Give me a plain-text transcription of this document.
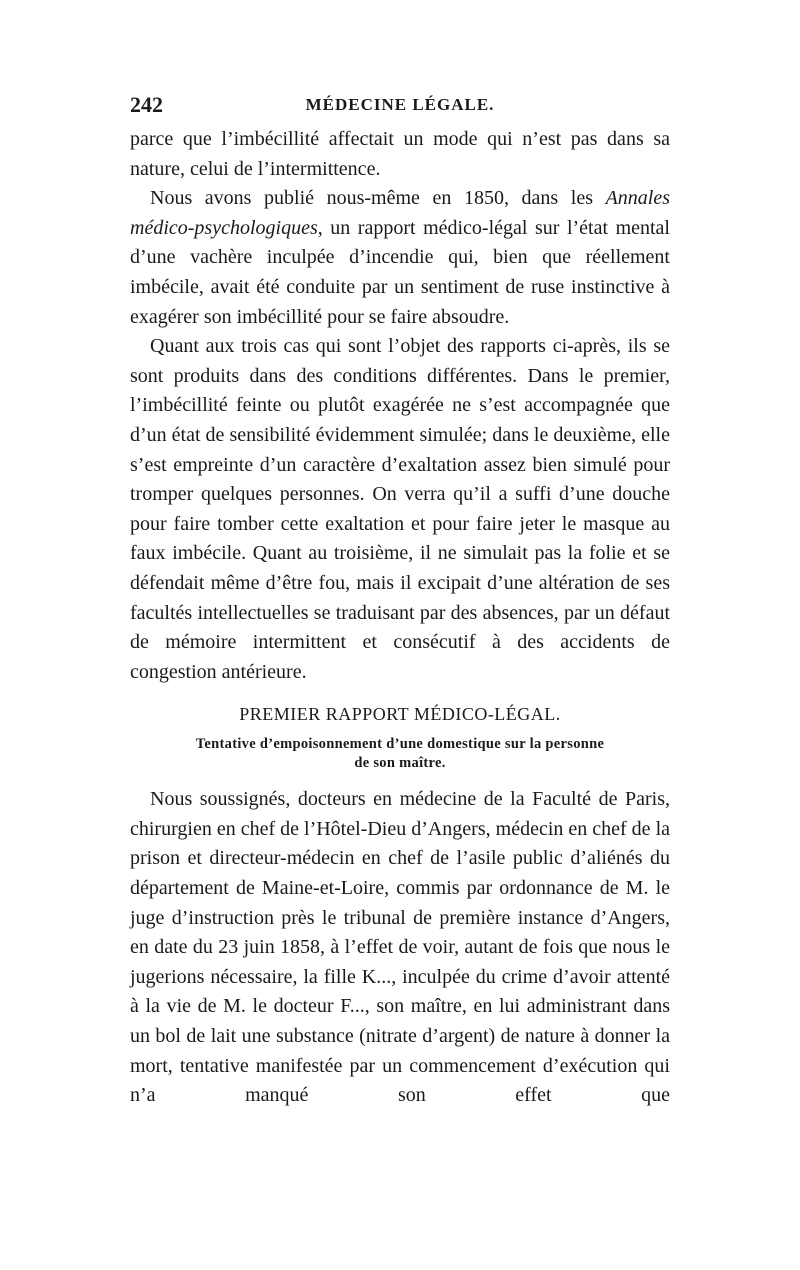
242	MÉDECINE LÉGALE.

parce que l’imbécillité affectait un mode qui n’est pas dans sa nature, celui de l’intermittence.

Nous avons publié nous-même en 1850, dans les Annales médico-psychologiques, un rapport médico-légal sur l’état mental d’une vachère inculpée d’incendie qui, bien que réellement imbécile, avait été conduite par un sentiment de ruse instinctive à exagérer son imbécillité pour se faire absoudre.

Quant aux trois cas qui sont l’objet des rapports ci-après, ils se sont produits dans des conditions différentes. Dans le premier, l’imbécillité feinte ou plutôt exagérée ne s’est accompagnée que d’un état de sensibilité évidemment simulée; dans le deuxième, elle s’est empreinte d’un caractère d’exaltation assez bien simulé pour tromper quelques personnes. On verra qu’il a suffi d’une douche pour faire tomber cette exaltation et pour faire jeter le masque au faux imbécile. Quant au troisième, il ne simulait pas la folie et se défendait même d’être fou, mais il excipait d’une altération de ses facultés intellectuelles se traduisant par des absences, par un défaut de mémoire intermittent et consécutif à des accidents de congestion antérieure.

PREMIER RAPPORT MÉDICO-LÉGAL.
Tentative d’empoisonnement d’une domestique sur la personne
de son maître.

Nous soussignés, docteurs en médecine de la Faculté de Paris, chirurgien en chef de l’Hôtel-Dieu d’Angers, médecin en chef de la prison et directeur-médecin en chef de l’asile public d’aliénés du département de Maine-et-Loire, commis par ordonnance de M. le juge d’instruction près le tribunal de première instance d’Angers, en date du 23 juin 1858, à l’effet de voir, autant de fois que nous le jugerions nécessaire, la fille K..., inculpée du crime d’avoir attenté à la vie de M. le docteur F..., son maître, en lui administrant dans un bol de lait une substance (nitrate d’argent) de nature à donner la mort, tentative manifestée par un commencement d’exécution qui n’a manqué son effet que
